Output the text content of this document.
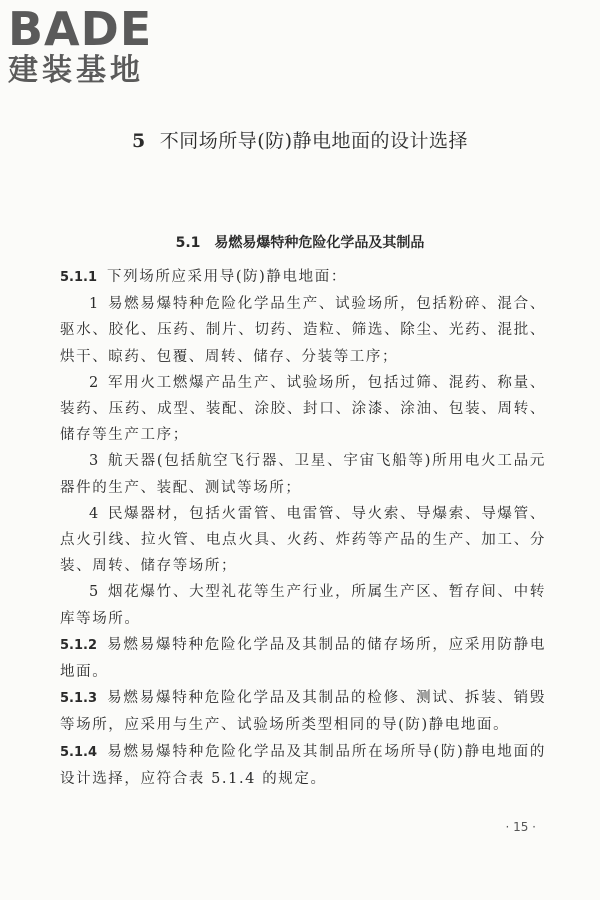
BADE
建装基地
5 不同场所导(防)静电地面的设计选择
5.1 易燃易爆特种危险化学品及其制品

5.1.1 下列场所应采用导(防)静电地面：

1 易燃易爆特种危险化学品生产、试验场所，包括粉碎、混合、驱水、胶化、压药、制片、切药、造粒、筛选、除尘、光药、混批、烘干、晾药、包覆、周转、储存、分装等工序；

2 军用火工燃爆产品生产、试验场所，包括过筛、混药、称量、装药、压药、成型、装配、涂胶、封口、涂漆、涂油、包装、周转、储存等生产工序；

3 航天器(包括航空飞行器、卫星、宇宙飞船等)所用电火工品元器件的生产、装配、测试等场所；

4 民爆器材，包括火雷管、电雷管、导火索、导爆索、导爆管、点火引线、拉火管、电点火具、火药、炸药等产品的生产、加工、分装、周转、储存等场所；

5 烟花爆竹、大型礼花等生产行业，所属生产区、暂存间、中转库等场所。

5.1.2 易燃易爆特种危险化学品及其制品的储存场所，应采用防静电地面。

5.1.3 易燃易爆特种危险化学品及其制品的检修、测试、拆装、销毁等场所，应采用与生产、试验场所类型相同的导(防)静电地面。

5.1.4 易燃易爆特种危险化学品及其制品所在场所导(防)静电地面的设计选择，应符合表 5.1.4 的规定。

· 15 ·
